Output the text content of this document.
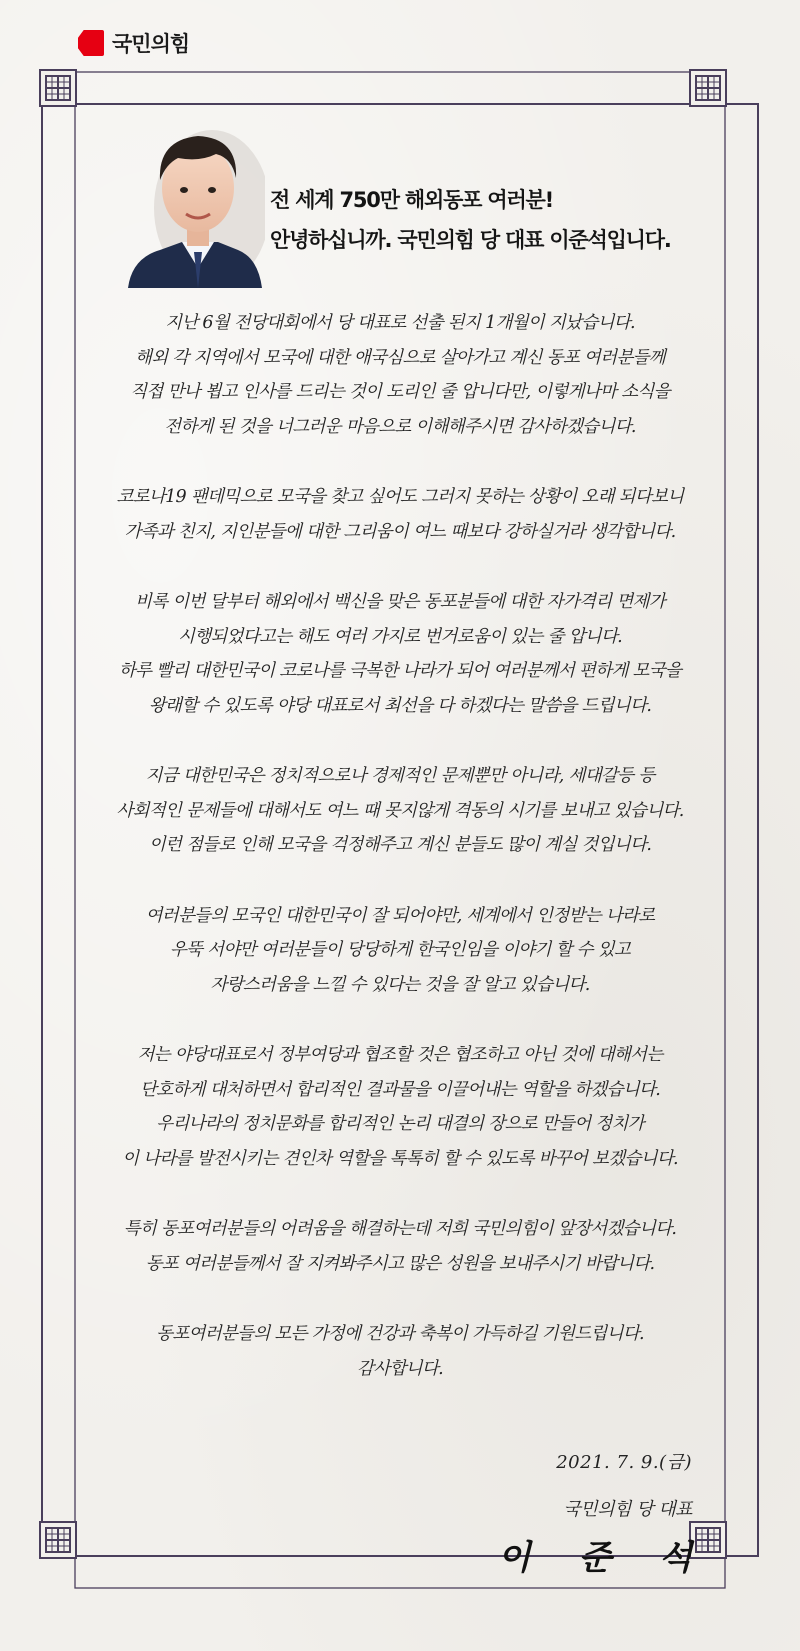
국민의힘
전 세계 750만 해외동포 여러분!
안녕하십니까. 국민의힘 당 대표 이준석입니다.
지난 6월 전당대회에서 당 대표로 선출 된지 1개월이 지났습니다.
해외 각 지역에서 모국에 대한 애국심으로 살아가고 계신 동포 여러분들께
직접 만나 뵙고 인사를 드리는 것이 도리인 줄 압니다만, 이렇게나마 소식을
전하게 된 것을 너그러운 마음으로 이해해주시면 감사하겠습니다.
코로나19 팬데믹으로 모국을 찾고 싶어도 그러지 못하는 상황이 오래 되다보니
가족과 친지, 지인분들에 대한 그리움이 여느 때보다 강하실거라 생각합니다.
비록 이번 달부터 해외에서 백신을 맞은 동포분들에 대한 자가격리 면제가
시행되었다고는 해도 여러 가지로 번거로움이 있는 줄 압니다.
하루 빨리 대한민국이 코로나를 극복한 나라가 되어 여러분께서 편하게 모국을
왕래할 수 있도록 야당 대표로서 최선을 다 하겠다는 말씀을 드립니다.
지금 대한민국은 정치적으로나 경제적인 문제뿐만 아니라, 세대갈등 등
사회적인 문제들에 대해서도 여느 때 못지않게 격동의 시기를 보내고 있습니다.
이런 점들로 인해 모국을 걱정해주고 계신 분들도 많이 계실 것입니다.
여러분들의 모국인 대한민국이 잘 되어야만, 세계에서 인정받는 나라로
우뚝 서야만 여러분들이 당당하게 한국인임을 이야기 할 수 있고
자랑스러움을 느낄 수 있다는 것을 잘 알고 있습니다.
저는 야당대표로서 정부여당과 협조할 것은 협조하고 아닌 것에 대해서는
단호하게 대처하면서 합리적인 결과물을 이끌어내는 역할을 하겠습니다.
우리나라의 정치문화를 합리적인 논리 대결의 장으로 만들어 정치가
이 나라를 발전시키는 견인차 역할을 톡톡히 할 수 있도록 바꾸어 보겠습니다.
특히 동포여러분들의 어려움을 해결하는데 저희 국민의힘이 앞장서겠습니다.
동포 여러분들께서 잘 지켜봐주시고 많은 성원을 보내주시기 바랍니다.
동포여러분들의 모든 가정에 건강과 축복이 가득하길 기원드립니다.
감사합니다.
2021. 7. 9.(금)
국민의힘 당 대표
이 준 석
